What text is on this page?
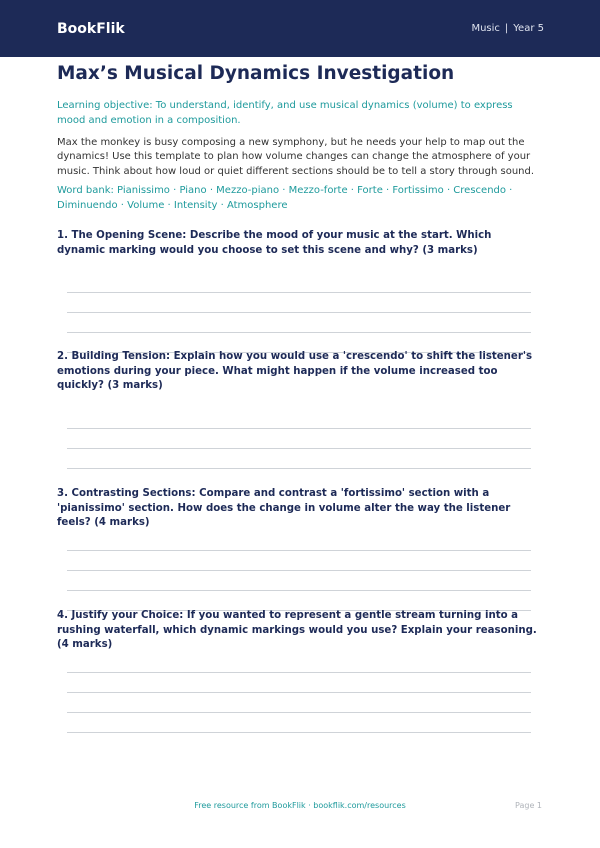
BookFlik	Music | Year 5
Max’s Musical Dynamics Investigation

Learning objective: To understand, identify, and use musical dynamics (volume) to express mood and emotion in a composition.

Max the monkey is busy composing a new symphony, but he needs your help to map out the dynamics! Use this template to plan how volume changes can change the atmosphere of your music. Think about how loud or quiet different sections should be to tell a story through sound.

Word bank: Pianissimo · Piano · Mezzo-piano · Mezzo-forte · Forte · Fortissimo · Crescendo · Diminuendo · Volume · Intensity · Atmosphere

1. The Opening Scene: Describe the mood of your music at the start. Which dynamic marking would you choose to set this scene and why? (3 marks)

2. Building Tension: Explain how you would use a 'crescendo' to shift the listener's emotions during your piece. What might happen if the volume increased too quickly? (3 marks)

3. Contrasting Sections: Compare and contrast a 'fortissimo' section with a 'pianissimo' section. How does the change in volume alter the way the listener feels? (4 marks)

4. Justify your Choice: If you wanted to represent a gentle stream turning into a rushing waterfall, which dynamic markings would you use? Explain your reasoning. (4 marks)

Free resource from BookFlik · bookflik.com/resources	Page 1
